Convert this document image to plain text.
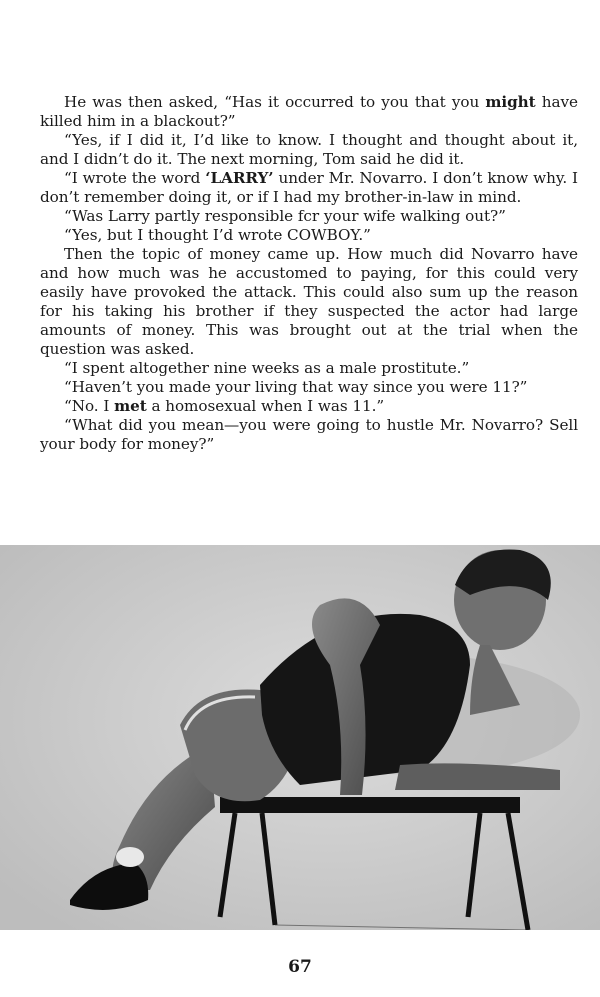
He was then asked, “Has it occurred to you that you might have killed him in a blackout?”

“Yes, if I did it, I’d like to know. I thought and thought about it, and I didn’t do it. The next morning, Tom said he did it.

“I wrote the word ‘LARRY’ under Mr. Novarro. I don’t know why. I don’t remember doing it, or if I had my brother-in-law in mind.

“Was Larry partly responsible fcr your wife walking out?”

“Yes, but I thought I’d wrote COWBOY.”

Then the topic of money came up. How much did Novarro have and how much was he accustomed to paying, for this could very easily have provoked the attack. This could also sum up the reason for his taking his brother if they suspected the actor had large amounts of money. This was brought out at the trial when the question was asked.

“I spent altogether nine weeks as a male prostitute.”

“Haven’t you made your living that way since you were 11?”

“No. I met a homosexual when I was 11.”

“What did you mean—you were going to hustle Mr. Novarro? Sell your body for money?”

67
